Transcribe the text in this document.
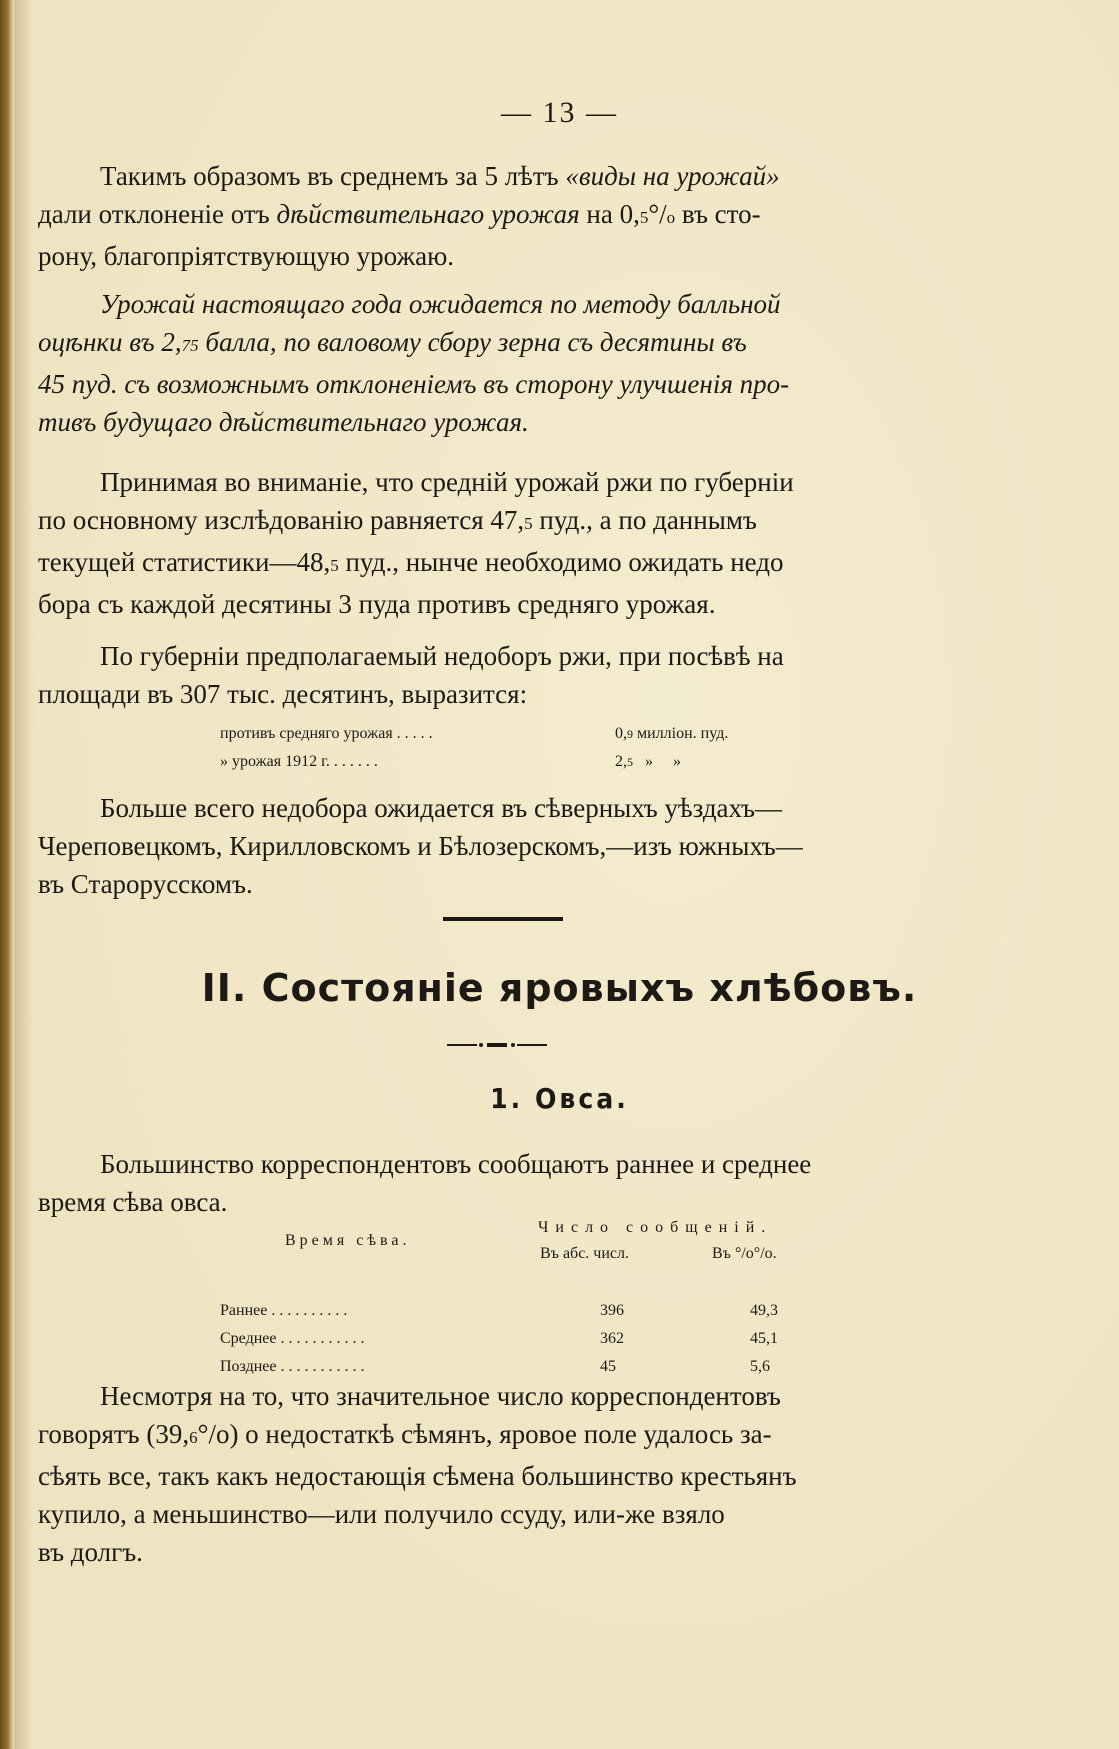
— 13 —

Такимъ образомъ въ среднемъ за 5 лѣтъ «виды на урожай»
дали отклоненіе отъ дѣйствительнаго урожая на 0,5°/о въ сто-
рону, благопріятствующую урожаю.

Урожай настоящаго года ожидается по методу балльной
оцѣнки въ 2,75 балла, по валовому сбору зерна съ десятины въ
45 пуд. съ возможнымъ отклоненіемъ въ сторону улучшенія про-
тивъ будущаго дѣйствительнаго урожая.

Принимая во вниманіе, что среднiй урожай ржи по губерніи
по основному изслѣдованію равняется 47,5 пуд., а по даннымъ
текущей статистики—48,5 пуд., нынче необходимо ожидать недо
бора съ каждой десятины 3 пуда противъ средняго урожая.

По губерніи предполагаемый недоборъ ржи, при посѣвѣ на
площади въ 307 тыс. десятинъ, выразится:

противъ средняго урожая . . . . .	0,9 милліон. пуд.
» урожая 1912 г. . . . . . .	2,5   »     »

Больше всего недобора ожидается въ сѣверныхъ уѣздахъ—
Череповецкомъ, Кирилловскомъ и Бѣлозерскомъ,—изъ южныхъ—
въ Старорусскомъ.

II. Состояніе яровыхъ хлѣбовъ.
1. Овса.

Большинство корреспондентовъ сообщаютъ раннее и среднее
время сѣва овса.

Время сѣва.
Число сообщеній.
Въ абс. числ.	Въ °/о°/о.
Раннее . . . . . . . . . .	396	49,3
Среднее . . . . . . . . . . .	362	45,1
Позднее . . . . . . . . . . .	45	5,6

Несмотря на то, что значительное число корреспондентовъ
говорятъ (39,6°/о) о недостаткѣ сѣмянъ, яровое поле удалось за-
сѣять все, такъ какъ недостающія сѣмена большинство крестьянъ
купило, а меньшинство—или получило ссуду, или-же взяло
въ долгъ.
